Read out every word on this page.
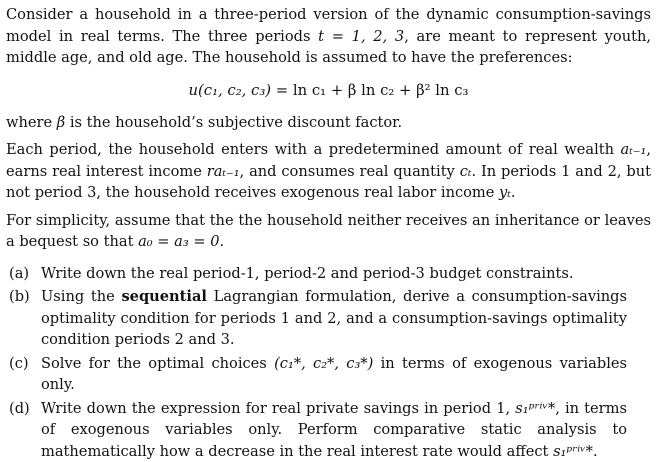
Consider a household in a three-period version of the dynamic consumption-savings model in real terms. The three periods t = 1, 2, 3, are meant to represent youth, middle age, and old age. The household is assumed to have the preferences:

u(c₁, c₂, c₃) = ln c₁ + β ln c₂ + β² ln c₃

where β is the household’s subjective discount factor.

Each period, the household enters with a predetermined amount of real wealth aₜ₋₁, earns real interest income raₜ₋₁, and consumes real quantity cₜ. In periods 1 and 2, but not period 3, the household receives exogenous real labor income yₜ.

For simplicity, assume that the the household neither receives an inheritance or leaves a bequest so that a₀ = a₃ = 0.

(a) Write down the real period-1, period-2 and period-3 budget constraints.
(b) Using the sequential Lagrangian formulation, derive a consumption-savings optimality condition for periods 1 and 2, and a consumption-savings optimality condition periods 2 and 3.
(c) Solve for the optimal choices (c₁*, c₂*, c₃*) in terms of exogenous variables only.
(d) Write down the expression for real private savings in period 1, s₁ᵖʳⁱᵛ*, in terms of exogenous variables only. Perform comparative static analysis to mathematically how a decrease in the real interest rate would affect s₁ᵖʳⁱᵛ*.
